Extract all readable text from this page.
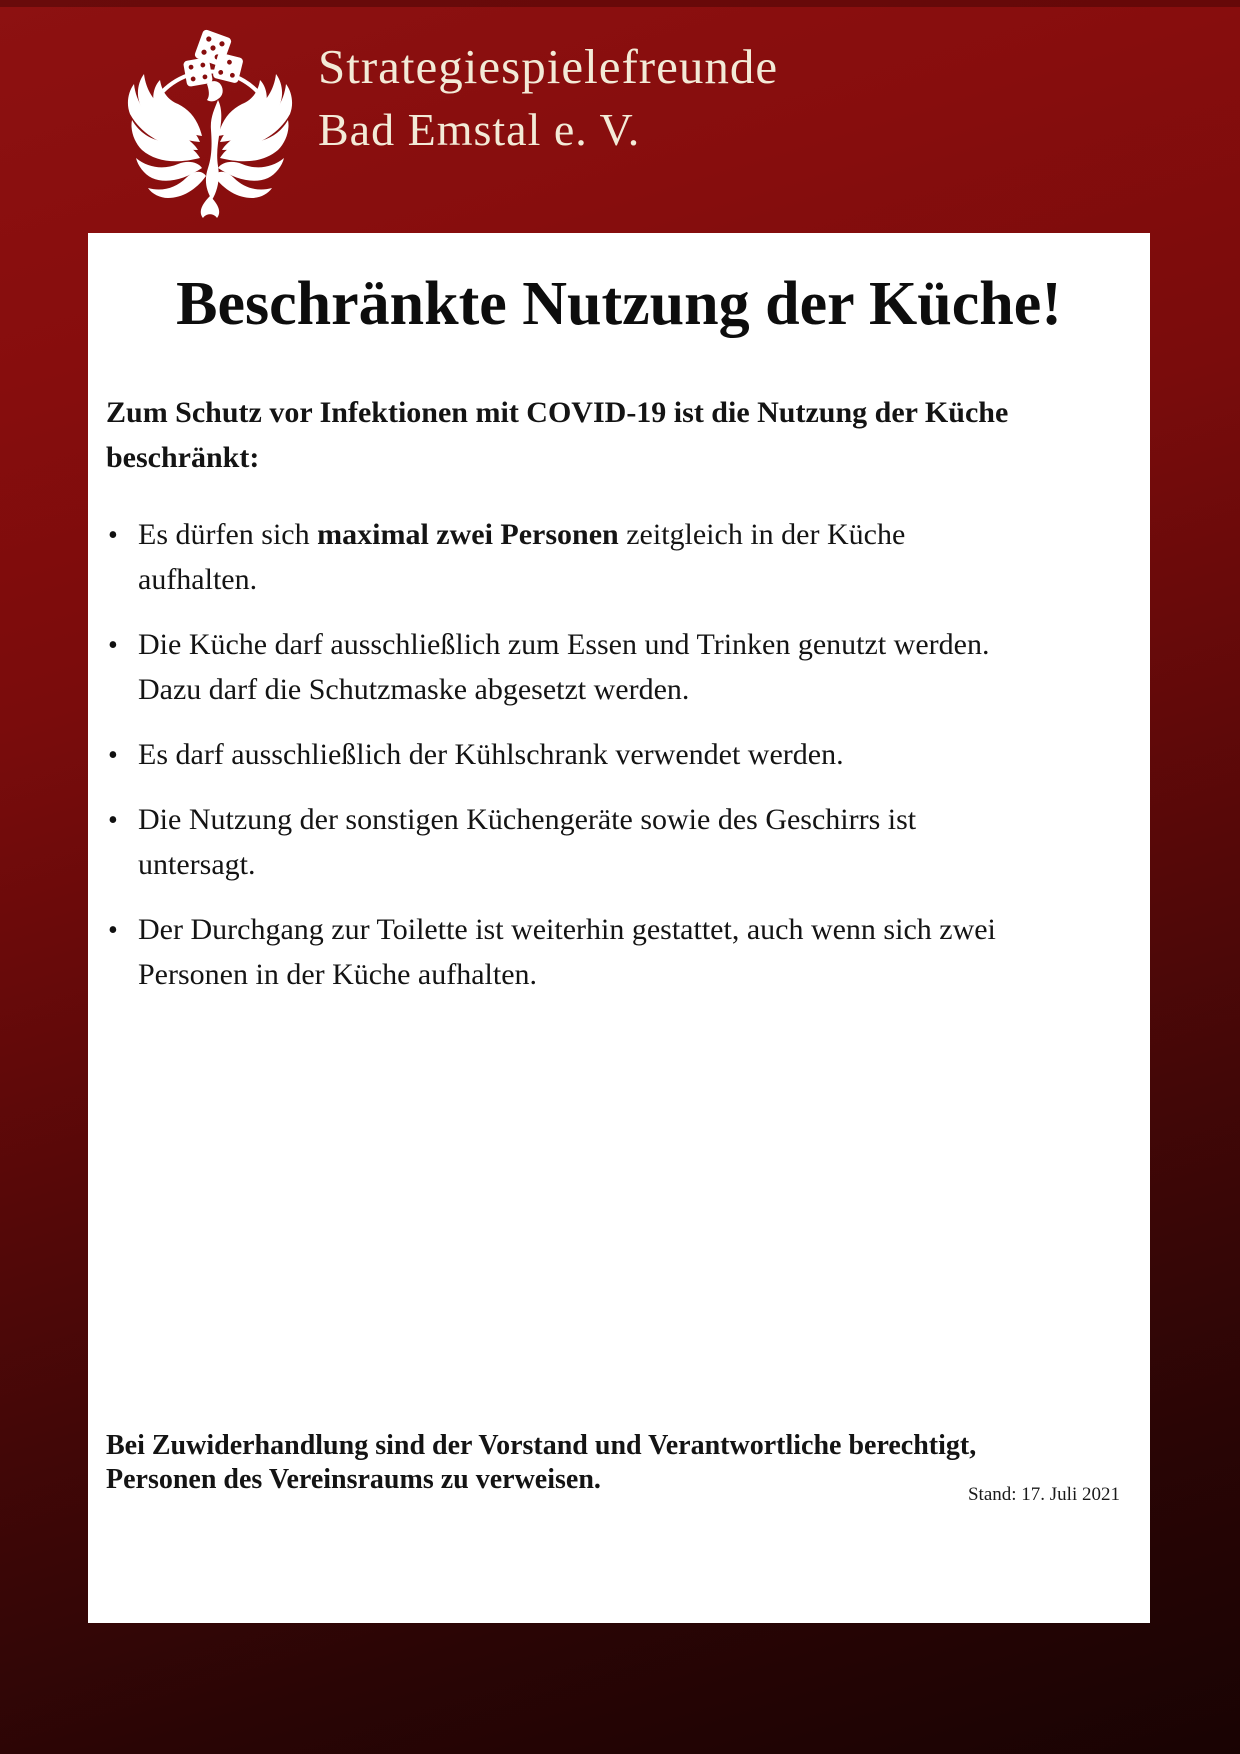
Strategiespielefreunde
Bad Emstal e. V.
Beschränkte Nutzung der Küche!

Zum Schutz vor Infektionen mit COVID-19 ist die Nutzung der Küche beschränkt:

• Es dürfen sich maximal zwei Personen zeitgleich in der Küche aufhalten.
• Die Küche darf ausschließlich zum Essen und Trinken genutzt werden. Dazu darf die Schutzmaske abgesetzt werden.
• Es darf ausschließlich der Kühlschrank verwendet werden.
• Die Nutzung der sonstigen Küchengeräte sowie des Geschirrs ist untersagt.
• Der Durchgang zur Toilette ist weiterhin gestattet, auch wenn sich zwei Personen in der Küche aufhalten.

Bei Zuwiderhandlung sind der Vorstand und Verantwortliche berechtigt, Personen des Vereinsraums zu verweisen.	Stand: 17. Juli 2021
